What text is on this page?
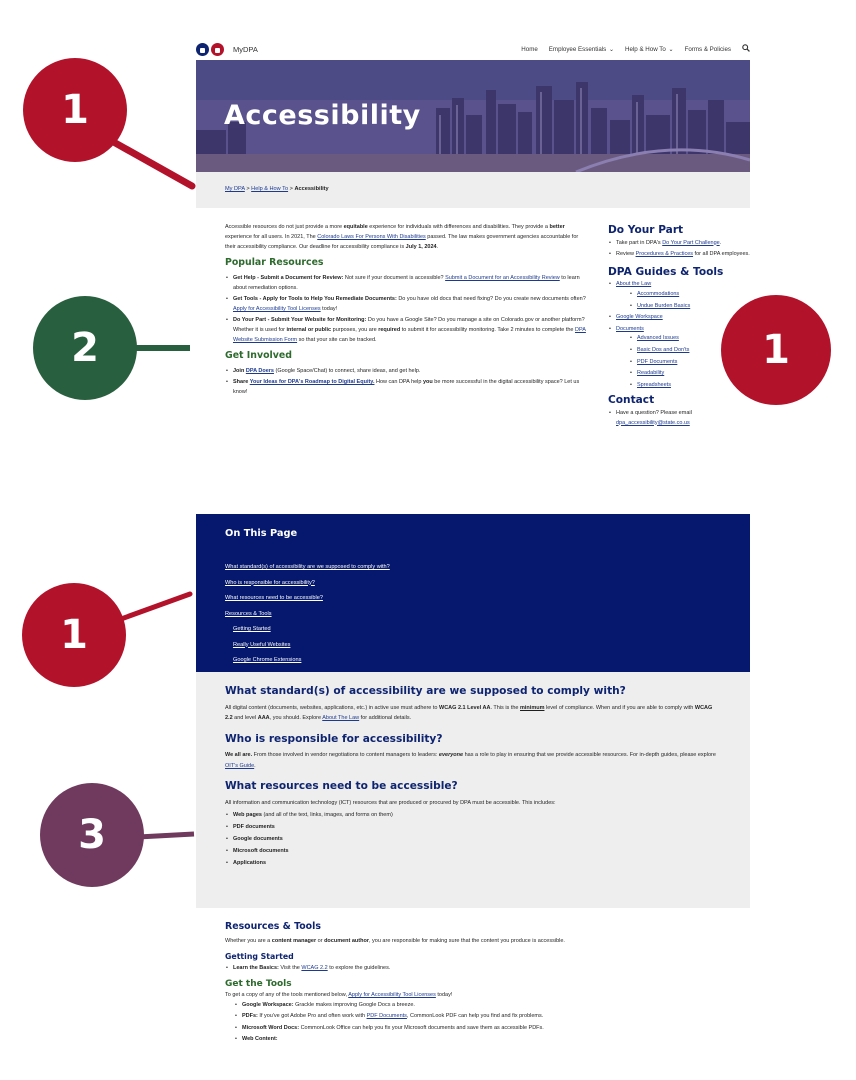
MyDPA	Home Employee Essentials ⌄ Help & How To ⌄ Forms & Policies
Accessibility
My DPA > Help & How To > Accessibility

Accessible resources do not just provide a more equitable experience for individuals with differences and disabilities. They provide a better experience for all users. In 2021, The Colorado Laws For Persons With Disabilities passed. The law makes government agencies accountable for their accessibility compliance. Our deadline for accessibility compliance is July 1, 2024.

Popular Resources
• Get Help - Submit a Document for Review: Not sure if your document is accessible? Submit a Document for an Accessibility Review to learn about remediation options.
• Get Tools - Apply for Tools to Help You Remediate Documents: Do you have old docs that need fixing? Do you create new documents often? Apply for Accessibility Tool Licenses today!
• Do Your Part - Submit Your Website for Monitoring: Do you have a Google Site? Do you manage a site on Colorado.gov or another platform? Whether it is used for internal or public purposes, you are required to submit it for accessibility monitoring. Take 2 minutes to complete the DPA Website Submission Form so that your site can be tracked.
Get Involved
• Join DPA Doers (Google Space/Chat) to connect, share ideas, and get help.
• Share Your Ideas for DPA's Roadmap to Digital Equity. How can DPA help you be more successful in the digital accessibility space? Let us know!
Do Your Part
• Take part in DPA's Do Your Part Challenge.
• Review Procedures & Practices for all DPA employees.
DPA Guides & Tools
• About the Law
• Accommodations
• Undue Burden Basics
• Google Workspace
• Documents
• Advanced Issues
• Basic Dos and Don'ts
• PDF Documents
• Readability
• Spreadsheets
Contact
• Have a question? Please email dpa_accessibility@state.co.us
On This Page
What standard(s) of accessibility are we supposed to comply with?
Who is responsible for accessibility?
What resources need to be accessible?
Resources & Tools
Getting Started
Really Useful Websites
Google Chrome Extensions
What standard(s) of accessibility are we supposed to comply with?

All digital content (documents, websites, applications, etc.) in active use must adhere to WCAG 2.1 Level AA. This is the minimum level of compliance. When and if you are able to comply with WCAG 2.2 and level AAA, you should. Explore About The Law for additional details.

Who is responsible for accessibility?

We all are. From those involved in vendor negotiations to content managers to leaders: everyone has a role to play in ensuring that we provide accessible resources. For in-depth guides, please explore OIT's Guide.

What resources need to be accessible?

All information and communication technology (ICT) resources that are produced or procured by DPA must be accessible. This includes:

• Web pages (and all of the text, links, images, and forms on them)
• PDF documents
• Google documents
• Microsoft documents
• Applications
Resources & Tools

Whether you are a content manager or document author, you are responsible for making sure that the content you produce is accessible.

Getting Started
• Learn the Basics: Visit the WCAG 2.2 to explore the guidelines.
Get the Tools

To get a copy of any of the tools mentioned below, Apply for Accessibility Tool Licenses today!

• Google Workspace: Grackle makes improving Google Docs a breeze.
• PDFs: If you've got Adobe Pro and often work with PDF Documents, CommonLook PDF can help you find and fix problems.
• Microsoft Word Docs: CommonLook Office can help you fix your Microsoft documents and save them as accessible PDFs.
• Web Content:
1
2	1
1
3
